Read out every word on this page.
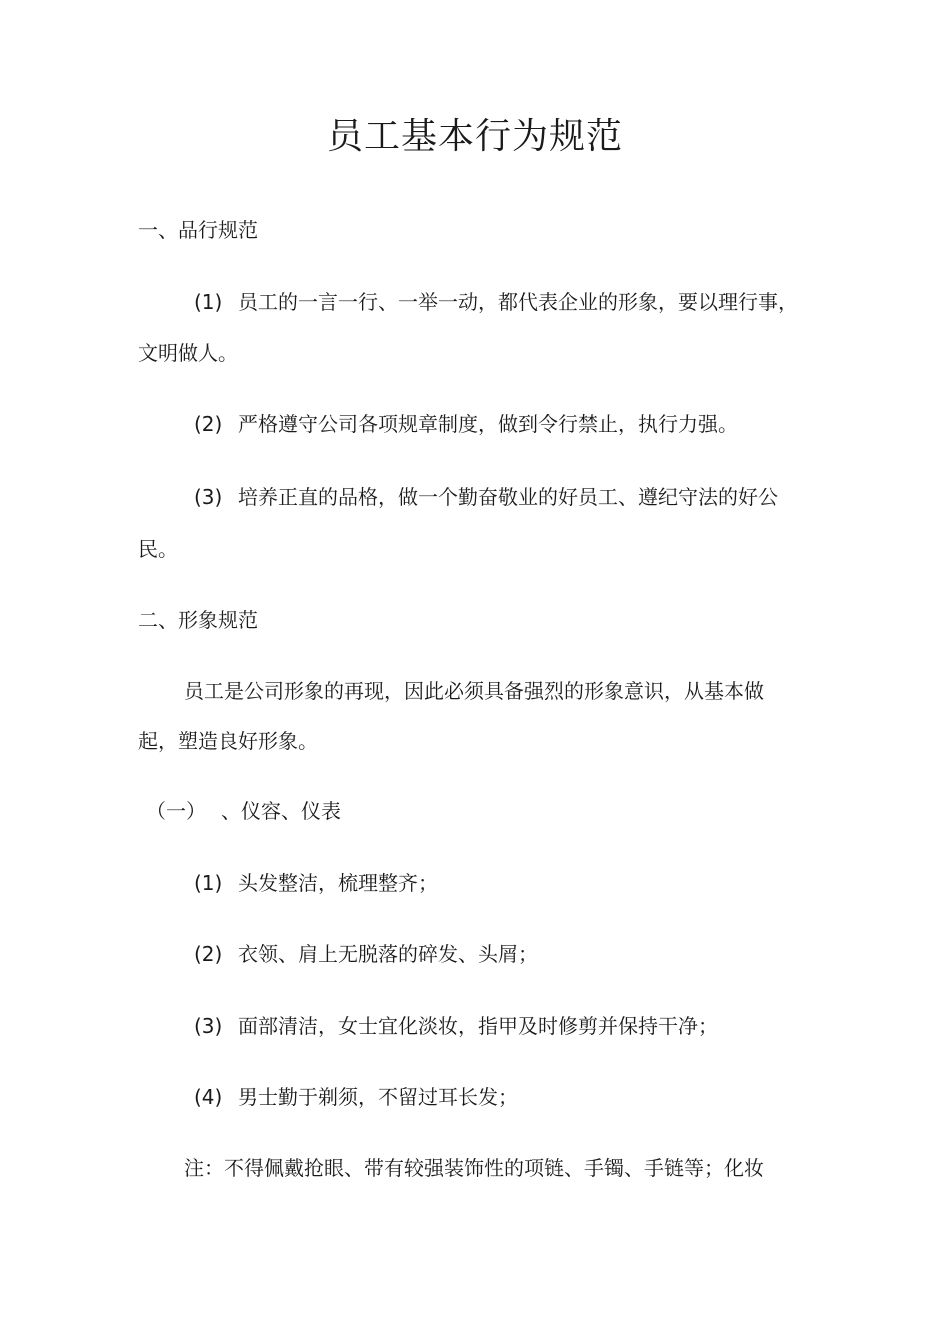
员工基本行为规范
一、品行规范
(1) 员工的一言一行、一举一动，都代表企业的形象，要以理行事，
文明做人。
(2) 严格遵守公司各项规章制度，做到令行禁止，执行力强。
(3) 培养正直的品格，做一个勤奋敬业的好员工、遵纪守法的好公
民。
二、形象规范
员工是公司形象的再现，因此必须具备强烈的形象意识，从基本做
起，塑造良好形象。
（一） 、仪容、仪表
(1) 头发整洁，梳理整齐；
(2) 衣领、肩上无脱落的碎发、头屑；
(3) 面部清洁，女士宜化淡妆，指甲及时修剪并保持干净；
(4) 男士勤于剃须，不留过耳长发；
注：不得佩戴抢眼、带有较强装饰性的项链、手镯、手链等；化妆
